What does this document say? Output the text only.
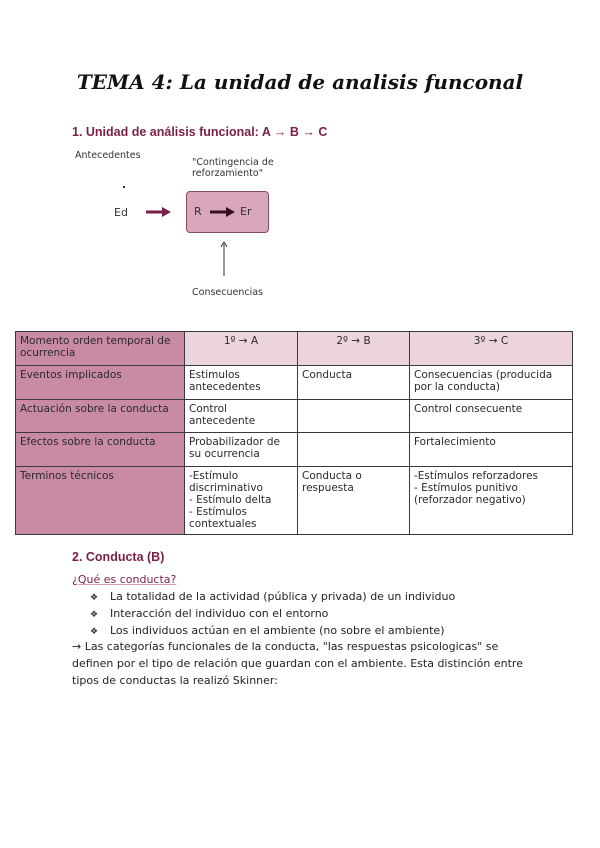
TEMA 4: La unidad de analisis funconal
1. Unidad de análisis funcional: A → B → C
Antecedentes
"Contingencia de reforzamiento"
Ed	R	Er
Consecuencias
Momento orden temporal de ocurrencia	1º → A	2º → B	3º → C
Eventos implicados	Estimulos antecedentes	Conducta	Consecuencias (producida por la conducta)
Actuación sobre la conducta	Control antecedente		Control consecuente
Efectos sobre la conducta	Probabilizador de su ocurrencia		Fortalecimiento
Terminos técnicos	-Estímulo discriminativo
- Estímulo delta
- Estímulos contextuales	Conducta o respuesta	-Estímulos reforzadores
- Estímulos punitivo (reforzador negativo)
2. Conducta (B)
¿Qué es conducta?
❖ La totalidad de la actividad (pública y privada) de un individuo
❖ Interacción del individuo con el entorno
❖ Los individuos actúan en el ambiente (no sobre el ambiente)
→ Las categorías funcionales de la conducta, "las respuestas psicologicas" se definen por el tipo de relación que guardan con el ambiente. Esta distinción entre tipos de conductas la realizó Skinner:
